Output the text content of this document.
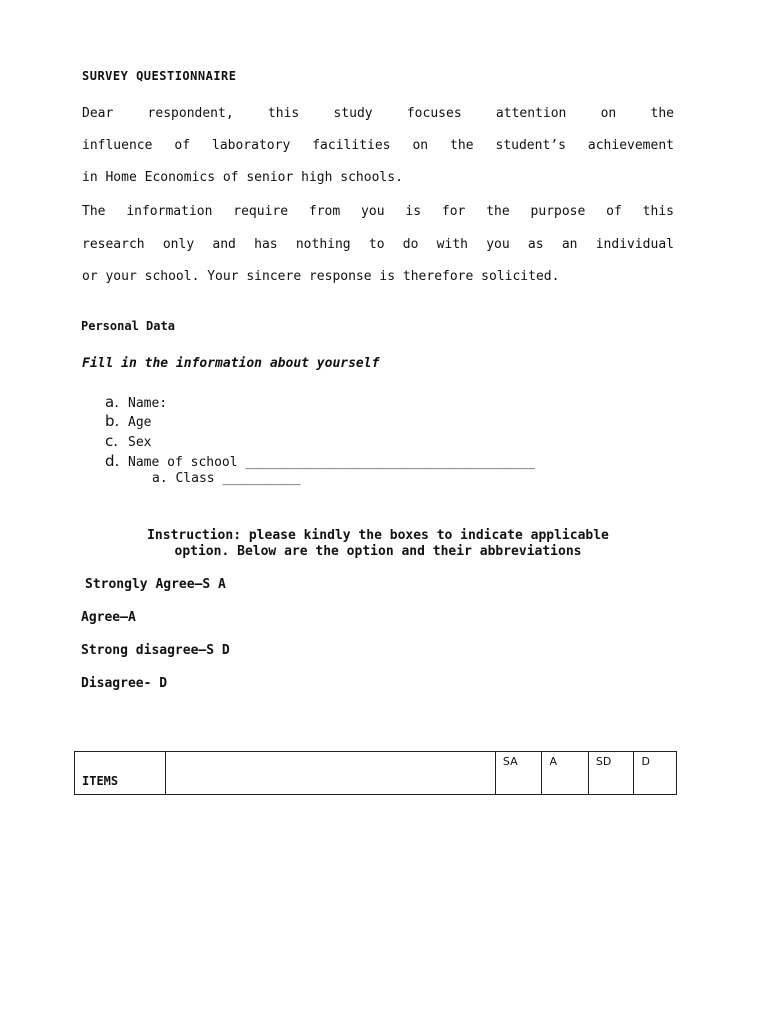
SURVEY QUESTIONNAIRE
Dear respondent, this study focuses attention on the
influence of laboratory facilities on the student’s achievement
in Home Economics of senior high schools.
The information require from you is for the purpose of this
research only and has nothing to do with you as an individual
or your school. Your sincere response is therefore solicited.
Personal Data
Fill in the information about yourself
a. Name:
b. Age
c. Sex
d. Name of school _____________________________________
a. Class __________
Instruction: please kindly the boxes to indicate applicable
option. Below are the option and their abbreviations
Strongly Agree–S A
Agree–A
Strong disagree–S D
Disagree- D
ITEMS		SA	A	SD	D
